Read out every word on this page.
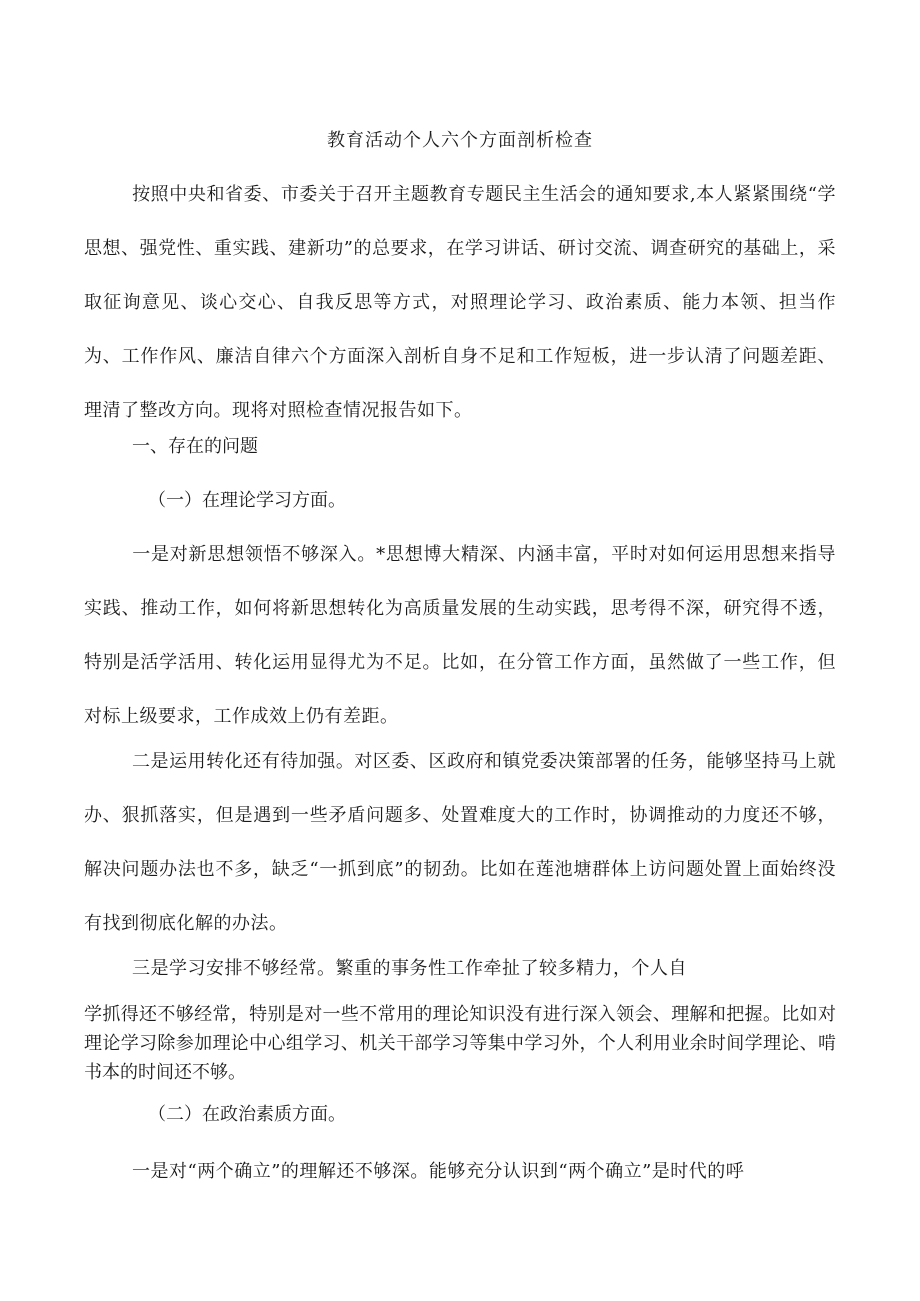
教育活动个人六个方面剖析检查
按照中央和省委、市委关于召开主题教育专题民主生活会的通知要求,本人紧紧围绕“学思想、强党性、重实践、建新功”的总要求，在学习讲话、研讨交流、调查研究的基础上，采取征询意见、谈心交心、自我反思等方式，对照理论学习、政治素质、能力本领、担当作为、工作作风、廉洁自律六个方面深入剖析自身不足和工作短板，进一步认清了问题差距、理清了整改方向。现将对照检查情况报告如下。
一、存在的问题
（一）在理论学习方面。
一是对新思想领悟不够深入。*思想博大精深、内涵丰富，平时对如何运用思想来指导实践、推动工作，如何将新思想转化为高质量发展的生动实践，思考得不深，研究得不透，特别是活学活用、转化运用显得尤为不足。比如，在分管工作方面，虽然做了一些工作，但对标上级要求，工作成效上仍有差距。
二是运用转化还有待加强。对区委、区政府和镇党委决策部署的任务，能够坚持马上就办、狠抓落实，但是遇到一些矛盾问题多、处置难度大的工作时，协调推动的力度还不够，解决问题办法也不多，缺乏“一抓到底”的韧劲。比如在莲池塘群体上访问题处置上面始终没有找到彻底化解的办法。
三是学习安排不够经常。繁重的事务性工作牵扯了较多精力，个人自
学抓得还不够经常，特别是对一些不常用的理论知识没有进行深入领会、理解和把握。比如对理论学习除参加理论中心组学习、机关干部学习等集中学习外，个人利用业余时间学理论、啃书本的时间还不够。
（二）在政治素质方面。
一是对“两个确立”的理解还不够深。能够充分认识到“两个确立”是时代的呼
